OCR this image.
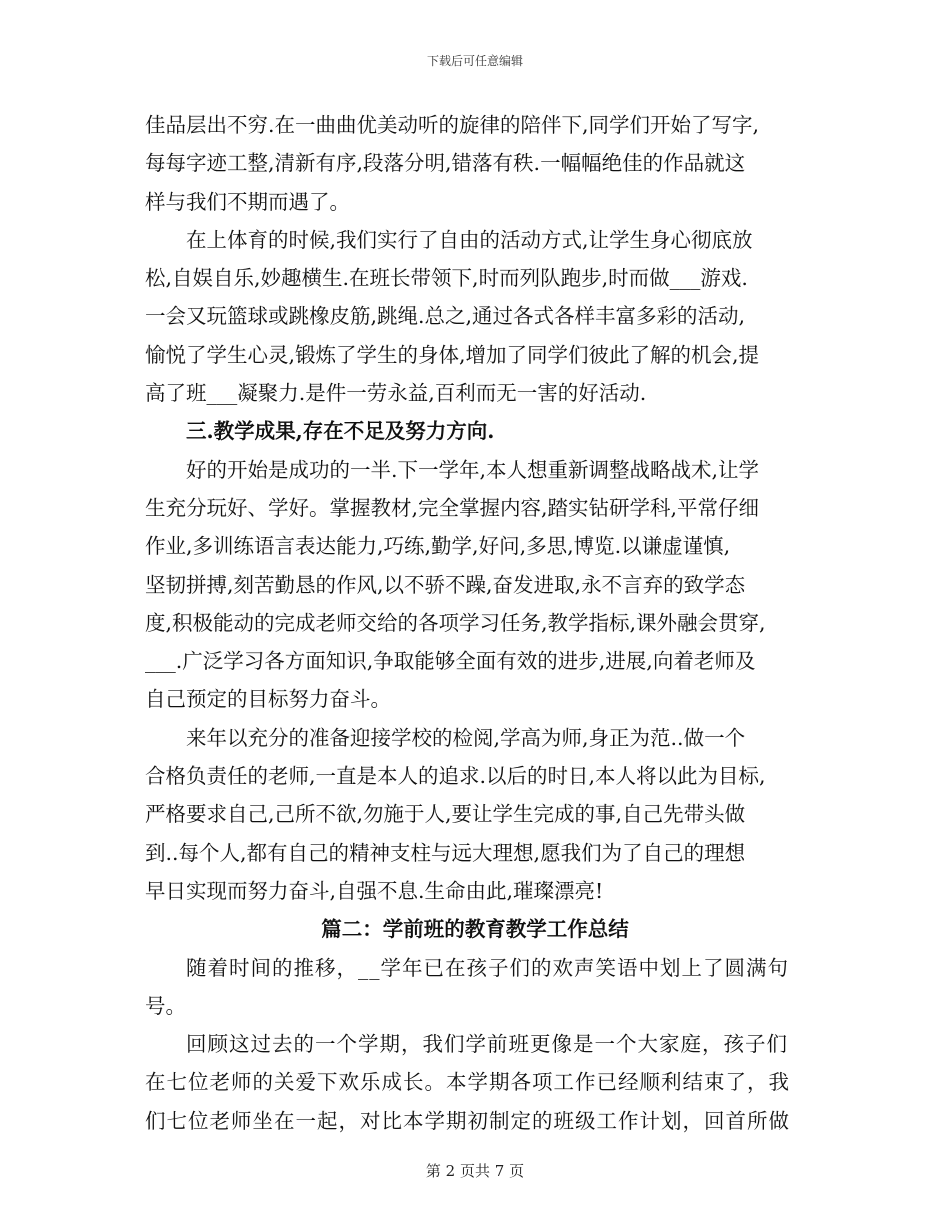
下载后可任意编辑
佳品层出不穷.在一曲曲优美动听的旋律的陪伴下,同学们开始了写字,
每每字迹工整,清新有序,段落分明,错落有秩.一幅幅绝佳的作品就这
样与我们不期而遇了。
在上体育的时候,我们实行了自由的活动方式,让学生身心彻底放
松,自娱自乐,妙趣横生.在班长带领下,时而列队跑步,时而做___游戏.
一会又玩篮球或跳橡皮筋,跳绳.总之,通过各式各样丰富多彩的活动,
愉悦了学生心灵,锻炼了学生的身体,增加了同学们彼此了解的机会,提
高了班___凝聚力.是件一劳永益,百利而无一害的好活动.
三.教学成果,存在不足及努力方向.
好的开始是成功的一半.下一学年,本人想重新调整战略战术,让学
生充分玩好、学好。掌握教材,完全掌握内容,踏实钻研学科,平常仔细
作业,多训练语言表达能力,巧练,勤学,好问,多思,博览.以谦虚谨慎,
坚韧拼搏,刻苦勤恳的作风,以不骄不躁,奋发进取,永不言弃的致学态
度,积极能动的完成老师交给的各项学习任务,教学指标,课外融会贯穿,
___.广泛学习各方面知识,争取能够全面有效的进步,进展,向着老师及
自己预定的目标努力奋斗。
来年以充分的准备迎接学校的检阅,学高为师,身正为范..做一个
合格负责任的老师,一直是本人的追求.以后的时日,本人将以此为目标,
严格要求自己,己所不欲,勿施于人,要让学生完成的事,自己先带头做
到..每个人,都有自己的精神支柱与远大理想,愿我们为了自己的理想
早日实现而努力奋斗,自强不息.生命由此,璀璨漂亮!
篇二：学前班的教育教学工作总结
随着时间的推移，__学年已在孩子们的欢声笑语中划上了圆满句
号。
回顾这过去的一个学期，我们学前班更像是一个大家庭，孩子们
在七位老师的关爱下欢乐成长。本学期各项工作已经顺利结束了，我
们七位老师坐在一起，对比本学期初制定的班级工作计划，回首所做
第 2 页共 7 页
